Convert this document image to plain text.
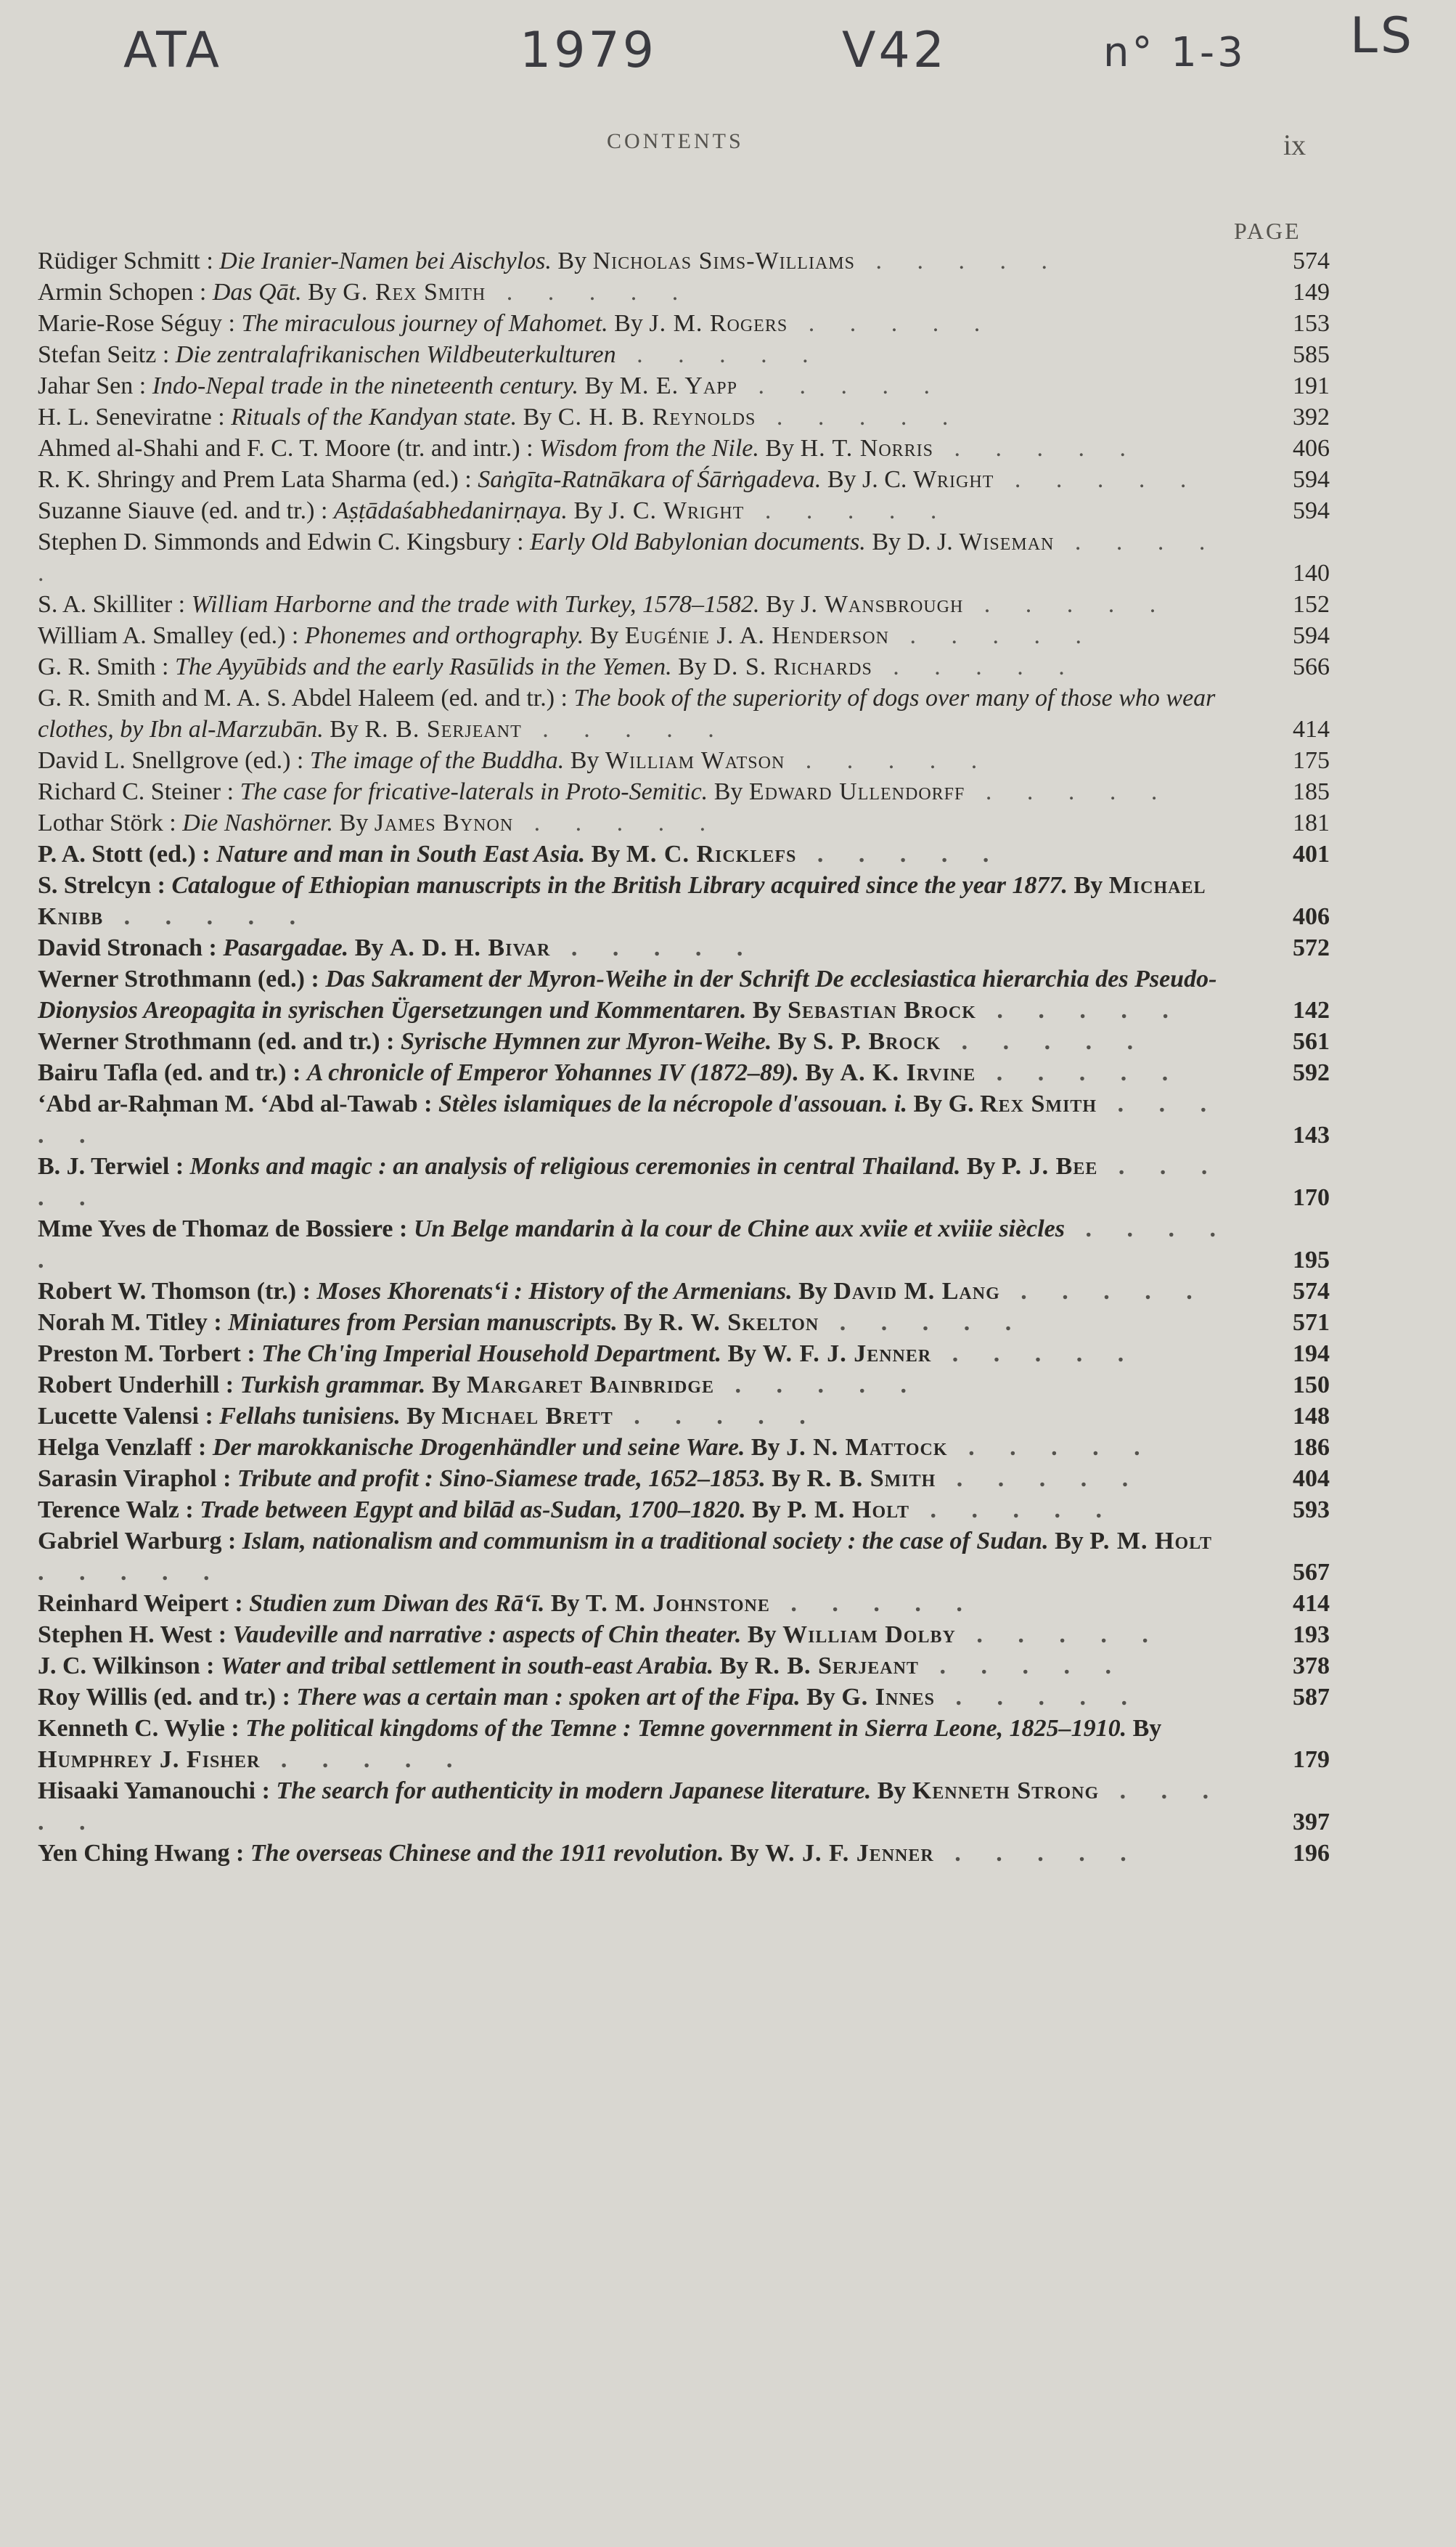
ATA	1979	V42	n° 1-3 LS
CONTENTS	ix
PAGE
Rüdiger Schmitt : Die Iranier-Namen bei Aischylos. By Nicholas Sims-Williams . . . . .	574
Armin Schopen : Das Qāt. By G. Rex Smith . . . . .	149
Marie-Rose Séguy : The miraculous journey of Mahomet. By J. M. Rogers . . . . .	153
Stefan Seitz : Die zentralafrikanischen Wildbeuterkulturen . . . . .	585
Jahar Sen : Indo-Nepal trade in the nineteenth century. By M. E. Yapp . . . . .	191
H. L. Seneviratne : Rituals of the Kandyan state. By C. H. B. Reynolds . . . . .	392
Ahmed al-Shahi and F. C. T. Moore (tr. and intr.) : Wisdom from the Nile. By H. T. Norris . . . . .	406
R. K. Shringy and Prem Lata Sharma (ed.) : Saṅgīta-Ratnākara of Śārṅgadeva. By J. C. Wright . . . . .	594
Suzanne Siauve (ed. and tr.) : Aṣṭādaśabhedanirṇaya. By J. C. Wright . . . . .	594
Stephen D. Simmonds and Edwin C. Kingsbury : Early Old Babylonian documents. By D. J. Wiseman . . . . .	140
S. A. Skilliter : William Harborne and the trade with Turkey, 1578–1582. By J. Wansbrough . . . . .	152
William A. Smalley (ed.) : Phonemes and orthography. By Eugénie J. A. Henderson . . . . .	594
G. R. Smith : The Ayyūbids and the early Rasūlids in the Yemen. By D. S. Richards . . . . .	566
G. R. Smith and M. A. S. Abdel Haleem (ed. and tr.) : The book of the superiority of dogs over many of those who wear clothes, by Ibn al-Marzubān. By R. B. Serjeant . . . . .	414
David L. Snellgrove (ed.) : The image of the Buddha. By William Watson . . . . .	175
Richard C. Steiner : The case for fricative-laterals in Proto-Semitic. By Edward Ullendorff . . . . .	185
Lothar Störk : Die Nashörner. By James Bynon . . . . .	181
P. A. Stott (ed.) : Nature and man in South East Asia. By M. C. Ricklefs . . . . .	401
S. Strelcyn : Catalogue of Ethiopian manuscripts in the British Library acquired since the year 1877. By Michael Knibb . . . . .	406
David Stronach : Pasargadae. By A. D. H. Bivar . . . . .	572
Werner Strothmann (ed.) : Das Sakrament der Myron-Weihe in der Schrift De ecclesiastica hierarchia des Pseudo-Dionysios Areopagita in syrischen Ügersetzungen und Kommentaren. By Sebastian Brock . . . . .	142
Werner Strothmann (ed. and tr.) : Syrische Hymnen zur Myron-Weihe. By S. P. Brock . . . . .	561
Bairu Tafla (ed. and tr.) : A chronicle of Emperor Yohannes IV (1872–89). By A. K. Irvine . . . . .	592
‘Abd ar-Raḥman M. ‘Abd al-Tawab : Stèles islamiques de la nécropole d'assouan. i. By G. Rex Smith . . . . .	143
B. J. Terwiel : Monks and magic : an analysis of religious ceremonies in central Thailand. By P. J. Bee . . . . .	170
Mme Yves de Thomaz de Bossiere : Un Belge mandarin à la cour de Chine aux xviie et xviiie siècles . . . . .	195
Robert W. Thomson (tr.) : Moses Khorenats‘i : History of the Armenians. By David M. Lang . . . . .	574
Norah M. Titley : Miniatures from Persian manuscripts. By R. W. Skelton . . . . .	571
Preston M. Torbert : The Ch'ing Imperial Household Department. By W. F. J. Jenner . . . . .	194
Robert Underhill : Turkish grammar. By Margaret Bainbridge . . . . .	150
Lucette Valensi : Fellahs tunisiens. By Michael Brett . . . . .	148
Helga Venzlaff : Der marokkanische Drogenhändler und seine Ware. By J. N. Mattock . . . . .	186
Sarasin Viraphol : Tribute and profit : Sino-Siamese trade, 1652–1853. By R. B. Smith . . . . .	404
Terence Walz : Trade between Egypt and bilād as-Sudan, 1700–1820. By P. M. Holt . . . . .	593
Gabriel Warburg : Islam, nationalism and communism in a traditional society : the case of Sudan. By P. M. Holt . . . . .	567
Reinhard Weipert : Studien zum Diwan des Rā‘ī. By T. M. Johnstone . . . . .	414
Stephen H. West : Vaudeville and narrative : aspects of Chin theater. By William Dolby . . . . .	193
J. C. Wilkinson : Water and tribal settlement in south-east Arabia. By R. B. Serjeant . . . . .	378
Roy Willis (ed. and tr.) : There was a certain man : spoken art of the Fipa. By G. Innes . . . . .	587
Kenneth C. Wylie : The political kingdoms of the Temne : Temne government in Sierra Leone, 1825–1910. By Humphrey J. Fisher . . . . .	179
Hisaaki Yamanouchi : The search for authenticity in modern Japanese literature. By Kenneth Strong . . . . .	397
Yen Ching Hwang : The overseas Chinese and the 1911 revolution. By W. J. F. Jenner . . . . .	196
